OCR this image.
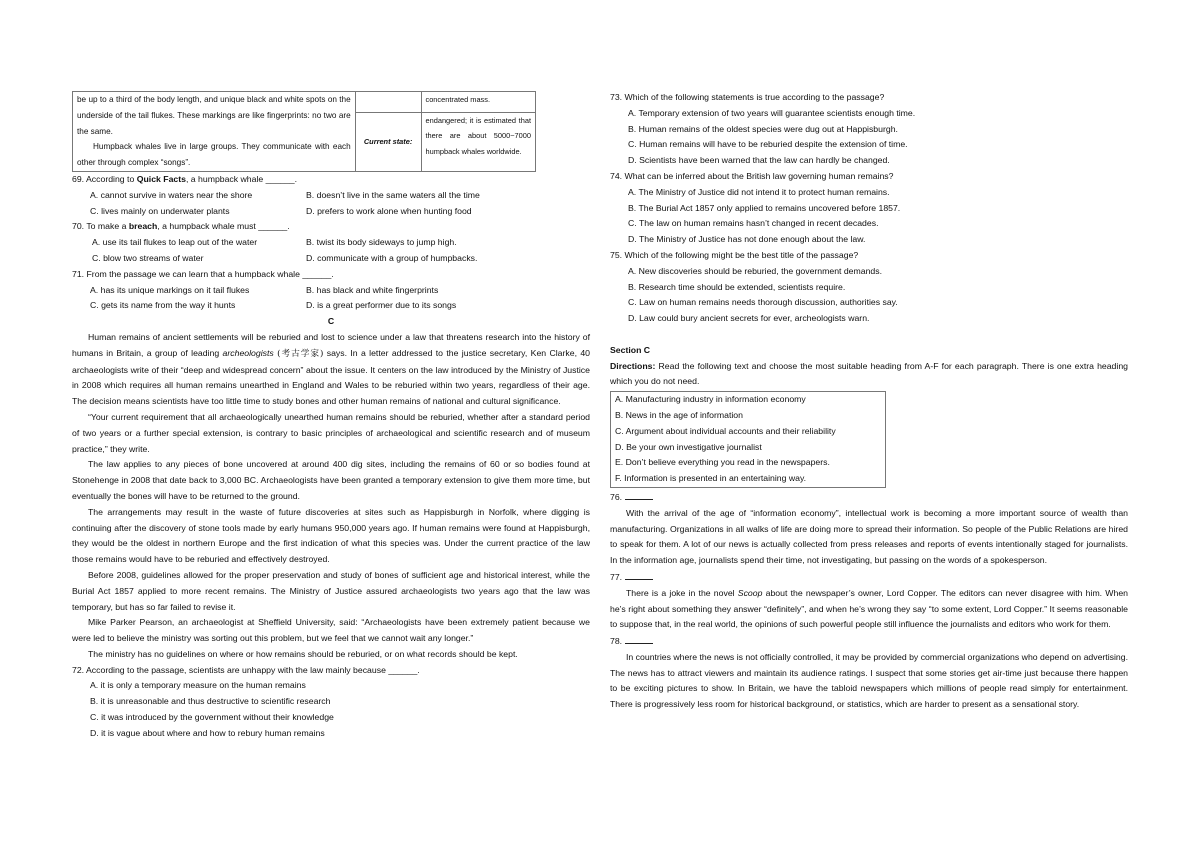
be up to a third of the body length, and unique black and white spots on the underside of the tail flukes. These markings are like fingerprints: no two are the same.

Humpback whales live in large groups. They communicate with each other through complex “songs”.		concentrated mass.
	Current state:	endangered; it is estimated that there are about 5000~7000 humpback whales worldwide.

69. According to Quick Facts, a humpback whale ______.

A. cannot survive in waters near the shore	B. doesn’t live in the same waters all the time
C. lives mainly on underwater plants	D. prefers to work alone when hunting food

70. To make a breach, a humpback whale must ______.

A. use its tail flukes to leap out of the water	B. twist its body sideways to jump high.
C. blow two streams of water	D. communicate with a group of humpbacks.

71. From the passage we can learn that a humpback whale ______.

A. has its unique markings on it tail flukes	B. has black and white fingerprints
C. gets its name from the way it hunts	D. is a great performer due to its songs

C

Human remains of ancient settlements will be reburied and lost to science under a law that threatens research into the history of humans in Britain, a group of leading archeologists (考古学家) says. In a letter addressed to the justice secretary, Ken Clarke, 40 archaeologists write of their “deep and widespread concern” about the issue. It centers on the law introduced by the Ministry of Justice in 2008 which requires all human remains unearthed in England and Wales to be reburied within two years, regardless of their age. The decision means scientists have too little time to study bones and other human remains of national and cultural significance.

“Your current requirement that all archaeologically unearthed human remains should be reburied, whether after a standard period of two years or a further special extension, is contrary to basic principles of archaeological and scientific research and of museum practice,” they write.

The law applies to any pieces of bone uncovered at around 400 dig sites, including the remains of 60 or so bodies found at Stonehenge in 2008 that date back to 3,000 BC. Archaeologists have been granted a temporary extension to give them more time, but eventually the bones will have to be returned to the ground.

The arrangements may result in the waste of future discoveries at sites such as Happisburgh in Norfolk, where digging is continuing after the discovery of stone tools made by early humans 950,000 years ago. If human remains were found at Happisburgh, they would be the oldest in northern Europe and the first indication of what this species was. Under the current practice of the law those remains would have to be reburied and effectively destroyed.

Before 2008, guidelines allowed for the proper preservation and study of bones of sufficient age and historical interest, while the Burial Act 1857 applied to more recent remains. The Ministry of Justice assured archaeologists two years ago that the law was temporary, but has so far failed to revise it.

Mike Parker Pearson, an archaeologist at Sheffield University, said: “Archaeologists have been extremely patient because we were led to believe the ministry was sorting out this problem, but we feel that we cannot wait any longer.”

The ministry has no guidelines on where or how remains should be reburied, or on what records should be kept.

72. According to the passage, scientists are unhappy with the law mainly because ______.

A. it is only a temporary measure on the human remains

B. it is unreasonable and thus destructive to scientific research

C. it was introduced by the government without their knowledge

D. it is vague about where and how to rebury human remains

73. Which of the following statements is true according to the passage?

A. Temporary extension of two years will guarantee scientists enough time.

B. Human remains of the oldest species were dug out at Happisburgh.

C. Human remains will have to be reburied despite the extension of time.

D. Scientists have been warned that the law can hardly be changed.

74. What can be inferred about the British law governing human remains?

A. The Ministry of Justice did not intend it to protect human remains.

B. The Burial Act 1857 only applied to remains uncovered before 1857.

C. The law on human remains hasn’t changed in recent decades.

D. The Ministry of Justice has not done enough about the law.

75. Which of the following might be the best title of the passage?

A. New discoveries should be reburied, the government demands.

B. Research time should be extended, scientists require.

C. Law on human remains needs thorough discussion, authorities say.

D. Law could bury ancient secrets for ever, archeologists warn.

Section C

Directions: Read the following text and choose the most suitable heading from A-F for each paragraph. There is one extra heading which you do not need.

A. Manufacturing industry in information economy

B. News in the age of information

C. Argument about individual accounts and their reliability

D. Be your own investigative journalist

E. Don’t believe everything you read in the newspapers.

F. Information is presented in an entertaining way.

76.

With the arrival of the age of “information economy”, intellectual work is becoming a more important source of wealth than manufacturing. Organizations in all walks of life are doing more to spread their information. So people of the Public Relations are hired to speak for them. A lot of our news is actually collected from press releases and reports of events intentionally staged for journalists. In the information age, journalists spend their time, not investigating, but passing on the words of a spokesperson.

77.

There is a joke in the novel Scoop about the newspaper’s owner, Lord Copper. The editors can never disagree with him. When he’s right about something they answer “definitely”, and when he’s wrong they say “to some extent, Lord Copper.” It seems reasonable to suppose that, in the real world, the opinions of such powerful people still influence the journalists and editors who work for them.

78.

In countries where the news is not officially controlled, it may be provided by commercial organizations who depend on advertising. The news has to attract viewers and maintain its audience ratings. I suspect that some stories get air-time just because there happen to be exciting pictures to show. In Britain, we have the tabloid newspapers which millions of people read simply for entertainment. There is progressively less room for historical background, or statistics, which are harder to present as a sensational story.
